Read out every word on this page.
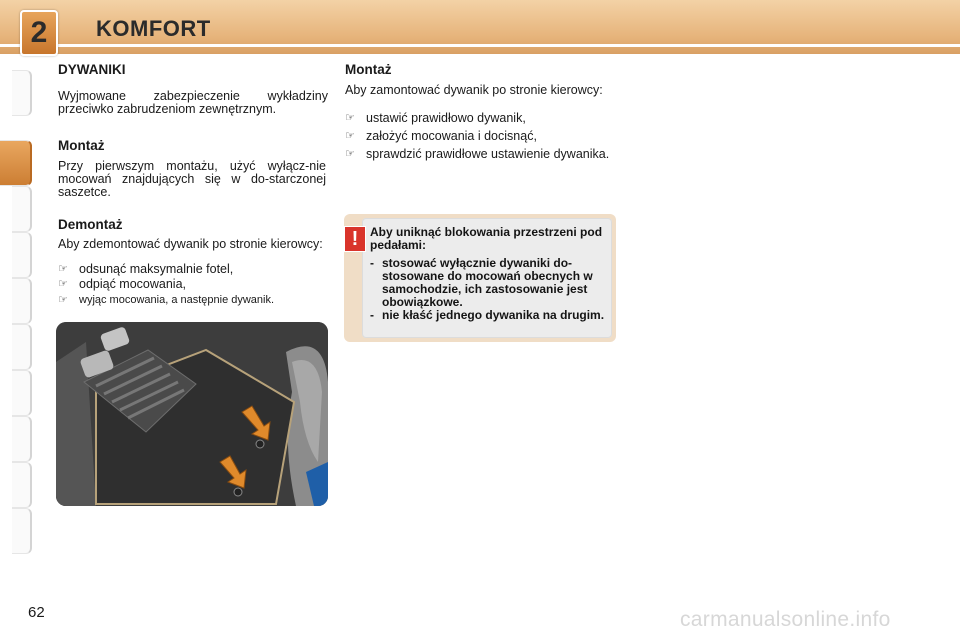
2	KOMFORT
DYWANIKI
Wyjmowane zabezpieczenie wykładziny przeciwko zabrudzeniom zewnętrznym.
Montaż
Przy pierwszym montażu, użyć wyłącz-nie mocowań znajdujących się w do-starczonej saszetce.
Demontaż
Aby zdemontować dywanik po stronie kierowcy:
☞ odsunąć maksymalnie fotel,
☞ odpiąć mocowania,
☞ wyjąc mocowania, a następnie dywanik.
Montaż
Aby zamontować dywanik po stronie kierowcy:
☞ ustawić prawidłowo dywanik,
☞ założyć mocowania i docisnąć,
☞ sprawdzić prawidłowe ustawienie dywanika.
! Aby uniknąć blokowania przestrzeni pod pedałami:
- stosować wyłącznie dywaniki do-stosowane do mocowań obecnych w samochodzie, ich zastosowanie jest obowiązkowe.
- nie kłaść jednego dywanika na drugim.
62	carmanualsonline.info
